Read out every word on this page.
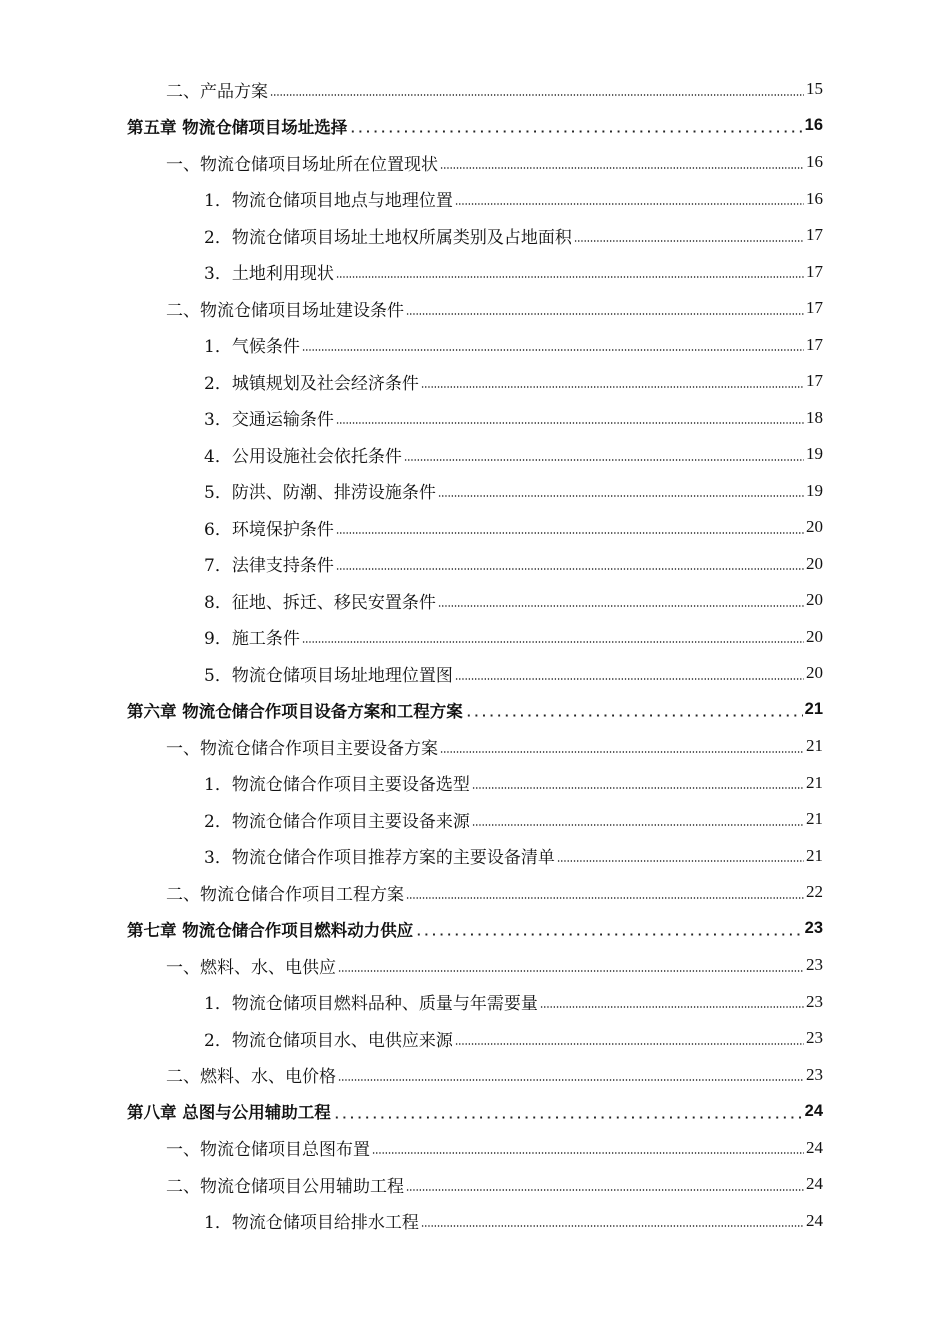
二、产品方案	15
第五章 物流仓储项目场址选择	16
一、物流仓储项目场址所在位置现状	16
1．物流仓储项目地点与地理位置	16
2．物流仓储项目场址土地权所属类别及占地面积	17
3．土地利用现状	17
二、物流仓储项目场址建设条件	17
1．气候条件	17
2．城镇规划及社会经济条件	17
3．交通运输条件	18
4．公用设施社会依托条件	19
5．防洪、防潮、排涝设施条件	19
6．环境保护条件	20
7．法律支持条件	20
8．征地、拆迁、移民安置条件	20
9．施工条件	20
5．物流仓储项目场址地理位置图	20
第六章 物流仓储合作项目设备方案和工程方案	21
一、物流仓储合作项目主要设备方案	21
1．物流仓储合作项目主要设备选型	21
2．物流仓储合作项目主要设备来源	21
3．物流仓储合作项目推荐方案的主要设备清单	21
二、物流仓储合作项目工程方案	22
第七章 物流仓储合作项目燃料动力供应	23
一、燃料、水、电供应	23
1．物流仓储项目燃料品种、质量与年需要量	23
2．物流仓储项目水、电供应来源	23
二、燃料、水、电价格	23
第八章 总图与公用辅助工程	24
一、物流仓储项目总图布置	24
二、物流仓储项目公用辅助工程	24
1．物流仓储项目给排水工程	24
